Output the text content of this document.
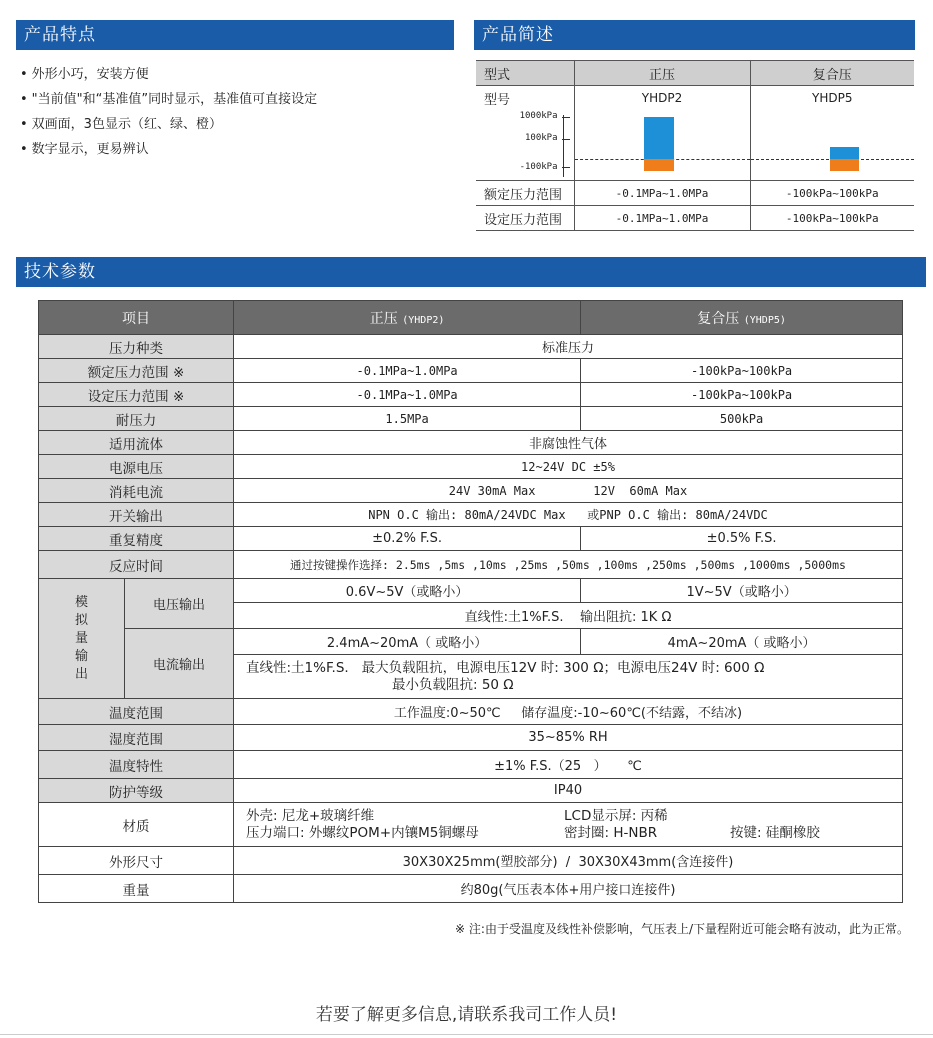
产品特点	产品简述
技术参数
• 外形小巧，安装方便
• "当前值"和“基准值”同时显示，基准值可直接设定
• 双画面，3色显示（红、绿、橙）
• 数字显示，更易辨认
型式	正压	复合压
型号	YHDP2	YHDP5

1000kPa
100kPa
-100kPa		

额定压力范围	-0.1MPa~1.0MPa	-100kPa~100kPa
设定压力范围	-0.1MPa~1.0MPa	-100kPa~100kPa
项目		正压 (YHDP2)	复合压 (YHDP5)
压力种类		标准压力	
额定压力范围 ※		-0.1MPa~1.0MPa	-100kPa~100kPa
设定压力范围 ※		-0.1MPa~1.0MPa	-100kPa~100kPa
耐压力		1.5MPa	500kPa
适用流体		非腐蚀性气体	
电源电压		12~24V DC ±5%	
消耗电流		24V 30mA Max        12V  60mA Max	
开关输出		NPN O.C 输出: 80mA/24VDC Max   或PNP O.C 输出: 80mA/24VDC	
重复精度		±0.2% F.S.	±0.5% F.S.
反应时间		通过按键操作选择: 2.5ms ,5ms ,10ms ,25ms ,50ms ,100ms ,250ms ,500ms ,1000ms ,5000ms	

模
拟
量
输
出	电压输出	0.6V~5V（或略小）	1V~5V（或略小）
		直线性:土1%F.S.    输出阻抗: 1K Ω	
	电流输出	2.4mA~20mA（ 或略小）	4mA~20mA（ 或略小）

		直线性:土1%F.S.   最大负载阻抗，电源电压12V 时: 300 Ω；电源电压24V 时: 600 Ω
最小负载阻抗: 50 Ω	

温度范围		工作温度:0~50℃     储存温度:-10~60℃(不结露，不结冰)	
湿度范围		35~85% RH	
温度特性		±1% F.S.（25   ）     ℃	
防护等级		IP40	
材质		外壳: 尼龙+玻璃纤维 LCD显示屏: 丙稀
压力端口: 外螺纹POM+内镶M5铜螺母 密封圈: H-NBR 按键: 硅酮橡胶	

外形尺寸		30X30X25mm(塑胶部分)  /  30X30X43mm(含连接件)	
重量		约80g(气压表本体+用户接口连接件)	
※ 注:由于受温度及线性补偿影响，气压表上/下量程附近可能会略有波动，此为正常。
若要了解更多信息,请联系我司工作人员!
